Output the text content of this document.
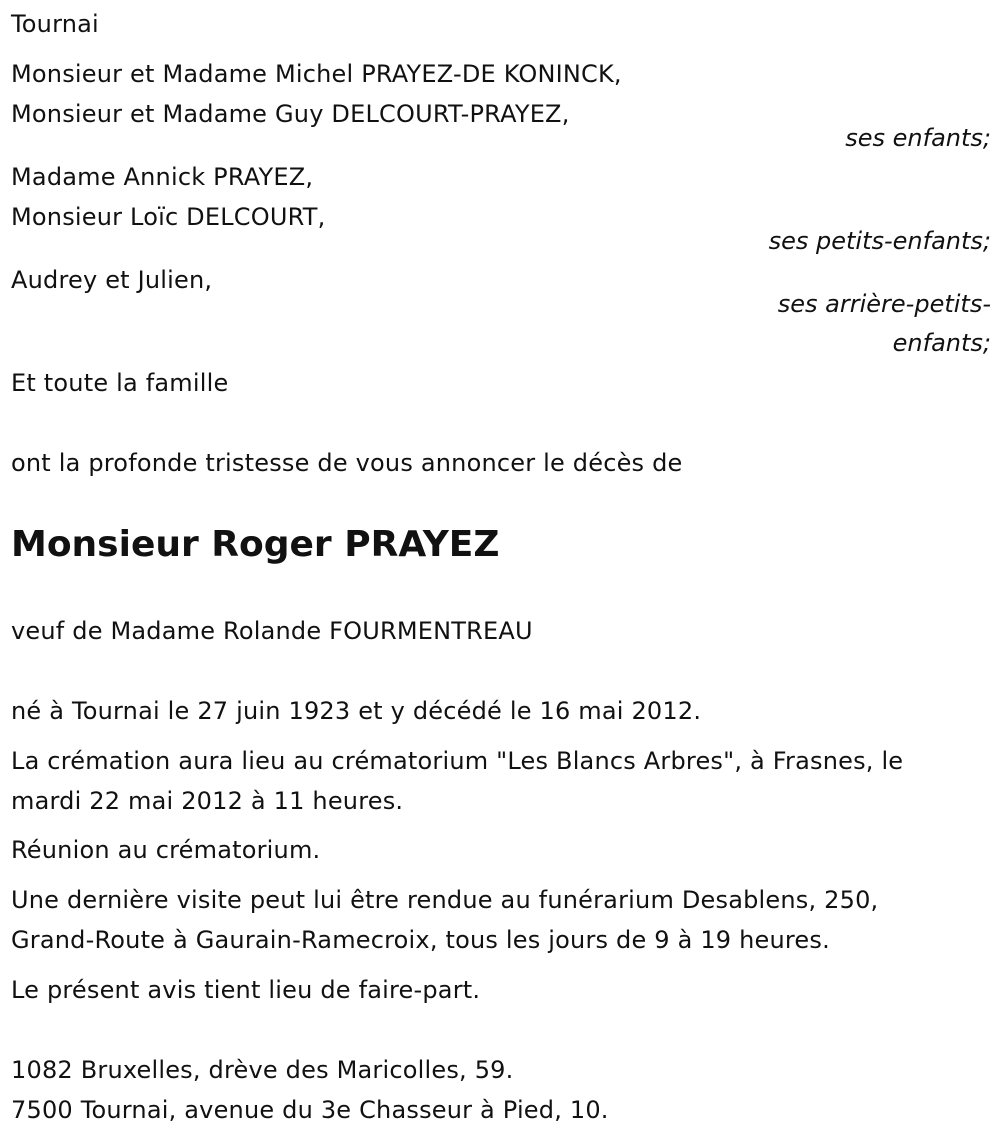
Tournai
Monsieur et Madame Michel PRAYEZ-DE KONINCK,
Monsieur et Madame Guy DELCOURT-PRAYEZ,
ses enfants;
Madame Annick PRAYEZ,
Monsieur Loïc DELCOURT,
ses petits-enfants;
Audrey et Julien,
ses arrière-petits-
enfants;
Et toute la famille
ont la profonde tristesse de vous annoncer le décès de
Monsieur Roger PRAYEZ
veuf de Madame Rolande FOURMENTREAU
né à Tournai le 27 juin 1923 et y décédé le 16 mai 2012.
La crémation aura lieu au crématorium "Les Blancs Arbres", à Frasnes, le
mardi 22 mai 2012 à 11 heures.
Réunion au crématorium.
Une dernière visite peut lui être rendue au funérarium Desablens, 250,
Grand-Route à Gaurain-Ramecroix, tous les jours de 9 à 19 heures.
Le présent avis tient lieu de faire-part.
1082 Bruxelles, drève des Maricolles, 59.
7500 Tournai, avenue du 3e Chasseur à Pied, 10.
